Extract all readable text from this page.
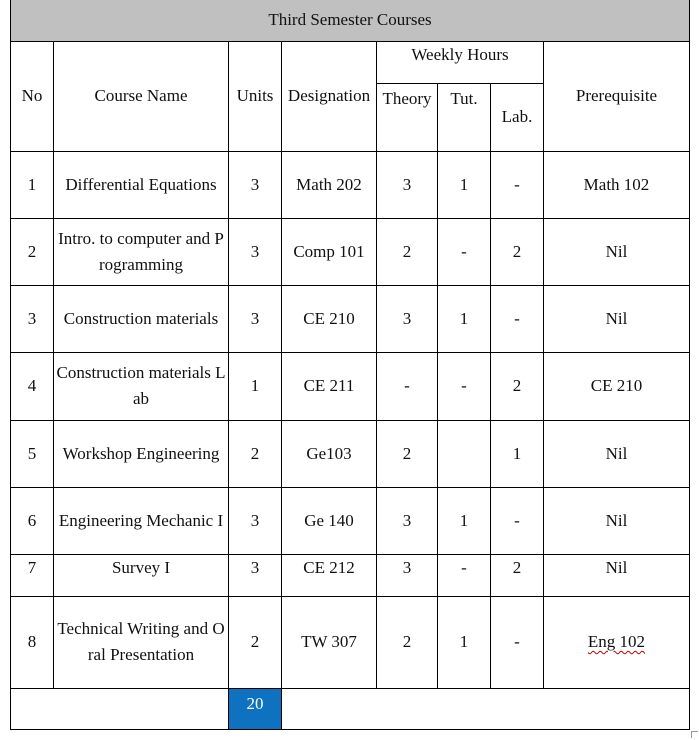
Third Semester Courses							
No	Course Name	Units	Designation	Weekly Hours			Prerequisite
				Theory	Tut.	Lab.	
1	Differential Equations	3	Math 202	3	1	-	Math 102
2	Intro. to computer and Programming	3	Comp 101	2	-	2	Nil
3	Construction materials	3	CE 210	3	1	-	Nil
4	Construction materials Lab	1	CE 211	-	-	2	CE 210
5	Workshop Engineering	2	Ge103	2		1	Nil
6	Engineering Mechanic I	3	Ge 140	3	1	-	Nil
7	Survey I	3	CE 212	3	-	2	Nil
8	Technical Writing and Oral Presentation	2	TW 307	2	1	-	Eng 102
		20					
